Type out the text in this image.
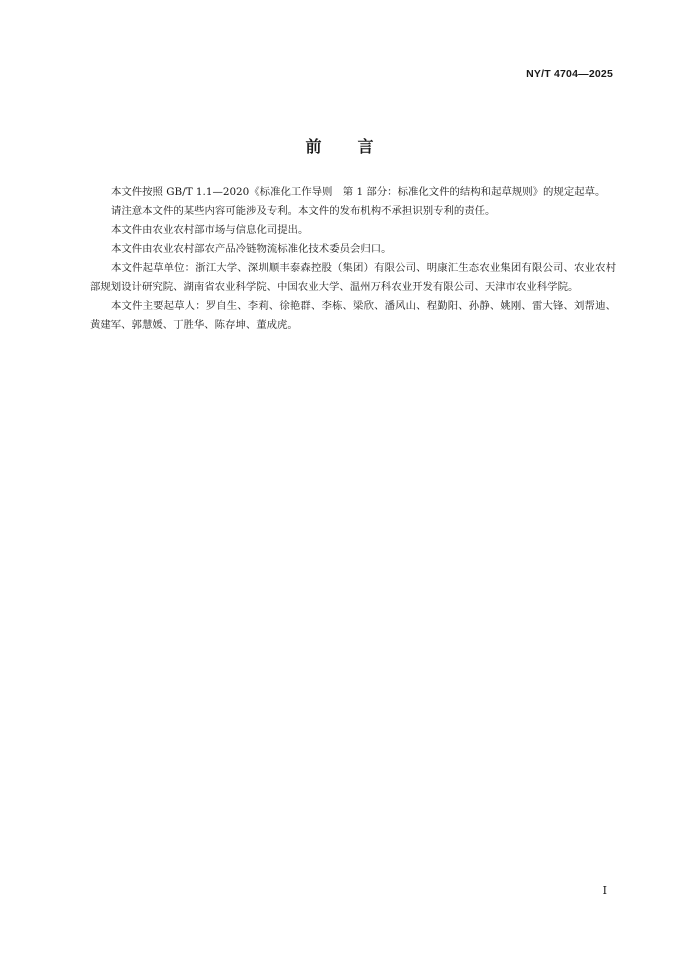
NY/T 4704—2025
前 言

本文件按照 GB/T 1.1—2020《标准化工作导则　第 1 部分：标准化文件的结构和起草规则》的规定起草。

请注意本文件的某些内容可能涉及专利。本文件的发布机构不承担识别专利的责任。

本文件由农业农村部市场与信息化司提出。

本文件由农业农村部农产品冷链物流标准化技术委员会归口。

本文件起草单位：浙江大学、深圳顺丰泰森控股（集团）有限公司、明康汇生态农业集团有限公司、农业农村部规划设计研究院、湖南省农业科学院、中国农业大学、温州万科农业开发有限公司、天津市农业科学院。

本文件主要起草人：罗自生、李莉、徐艳群、李栋、梁欣、潘风山、程勤阳、孙静、姚刚、雷大锋、刘帮迪、黄建军、郭慧媛、丁胜华、陈存坤、董成虎。

I
